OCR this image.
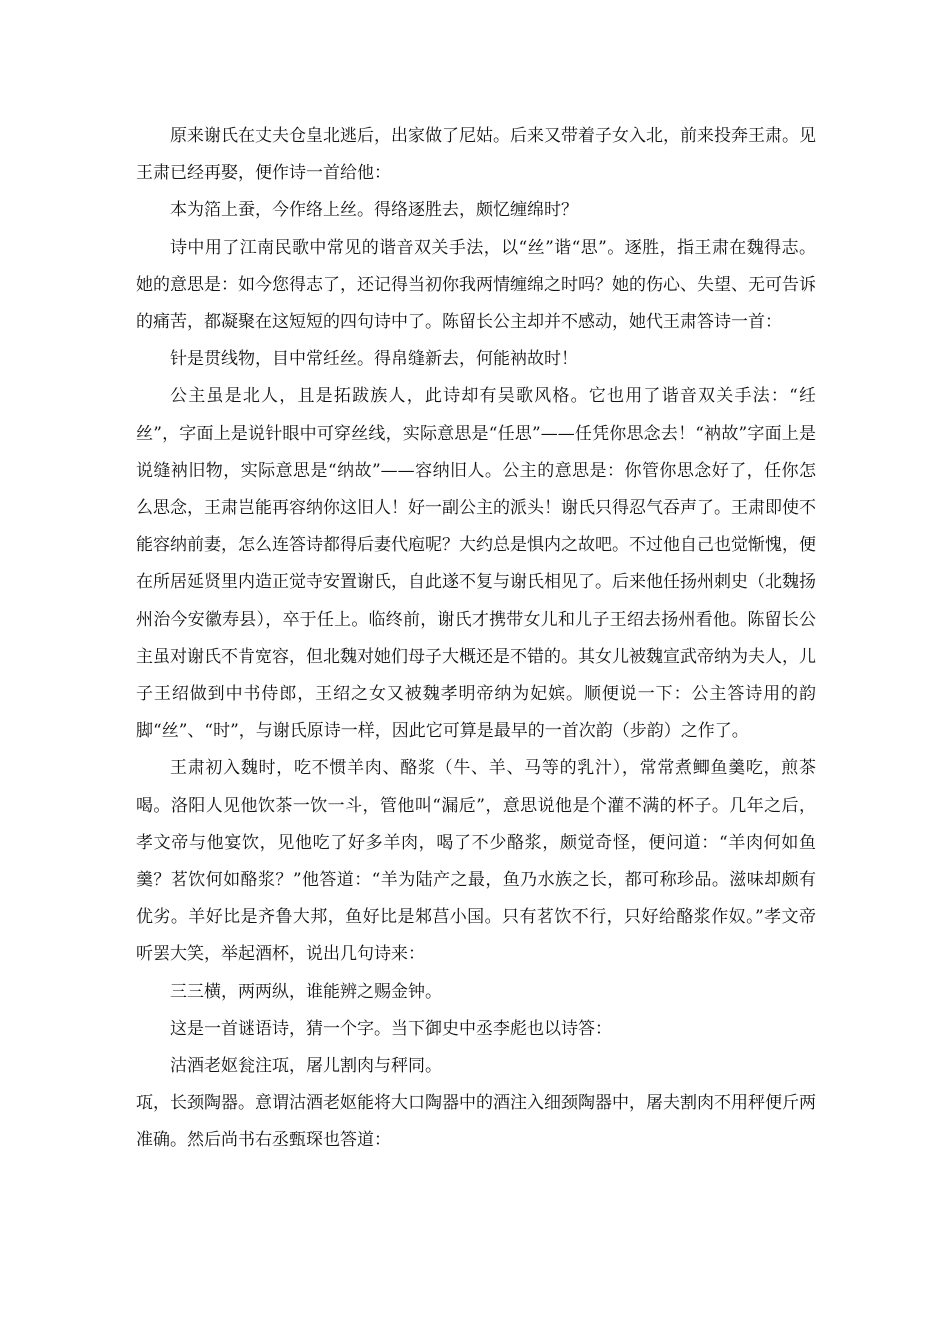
原来谢氏在丈夫仓皇北逃后，出家做了尼姑。后来又带着子女入北，前来投奔王肃。见王肃已经再娶，便作诗一首给他：

本为箔上蚕，今作络上丝。得络逐胜去，颇忆缠绵时？

诗中用了江南民歌中常见的谐音双关手法，以“丝”谐“思”。逐胜，指王肃在魏得志。她的意思是：如今您得志了，还记得当初你我两情缠绵之时吗？她的伤心、失望、无可告诉的痛苦，都凝聚在这短短的四句诗中了。陈留长公主却并不感动，她代王肃答诗一首：

针是贯线物，目中常纴丝。得帛缝新去，何能衲故时！

公主虽是北人，且是拓跋族人，此诗却有吴歌风格。它也用了谐音双关手法：“纴丝”，字面上是说针眼中可穿丝线，实际意思是“任思”——任凭你思念去！“衲故”字面上是说缝衲旧物，实际意思是“纳故”——容纳旧人。公主的意思是：你管你思念好了，任你怎么思念，王肃岂能再容纳你这旧人！好一副公主的派头！谢氏只得忍气吞声了。王肃即使不能容纳前妻，怎么连答诗都得后妻代庖呢？大约总是惧内之故吧。不过他自己也觉惭愧，便在所居延贤里内造正觉寺安置谢氏，自此遂不复与谢氏相见了。后来他任扬州刺史（北魏扬州治今安徽寿县），卒于任上。临终前，谢氏才携带女儿和儿子王绍去扬州看他。陈留长公主虽对谢氏不肯宽容，但北魏对她们母子大概还是不错的。其女儿被魏宣武帝纳为夫人，儿子王绍做到中书侍郎，王绍之女又被魏孝明帝纳为妃嫔。顺便说一下：公主答诗用的韵脚“丝”、“时”，与谢氏原诗一样，因此它可算是最早的一首次韵（步韵）之作了。

王肃初入魏时，吃不惯羊肉、酪浆（牛、羊、马等的乳汁），常常煮鲫鱼羹吃，煎茶喝。洛阳人见他饮茶一饮一斗，管他叫“漏卮”，意思说他是个灌不满的杯子。几年之后，孝文帝与他宴饮，见他吃了好多羊肉，喝了不少酪浆，颇觉奇怪，便问道：“羊肉何如鱼羹？茗饮何如酪浆？”他答道：“羊为陆产之最，鱼乃水族之长，都可称珍品。滋味却颇有优劣。羊好比是齐鲁大邦，鱼好比是邾莒小国。只有茗饮不行，只好给酪浆作奴。”孝文帝听罢大笑，举起酒杯，说出几句诗来：

三三横，两两纵，谁能辨之赐金钟。

这是一首谜语诗，猜一个字。当下御史中丞李彪也以诗答：

沽酒老妪瓮注瓨，屠儿割肉与秤同。

瓨，长颈陶器。意谓沽酒老妪能将大口陶器中的酒注入细颈陶器中，屠夫割肉不用秤便斤两准确。然后尚书右丞甄琛也答道：
